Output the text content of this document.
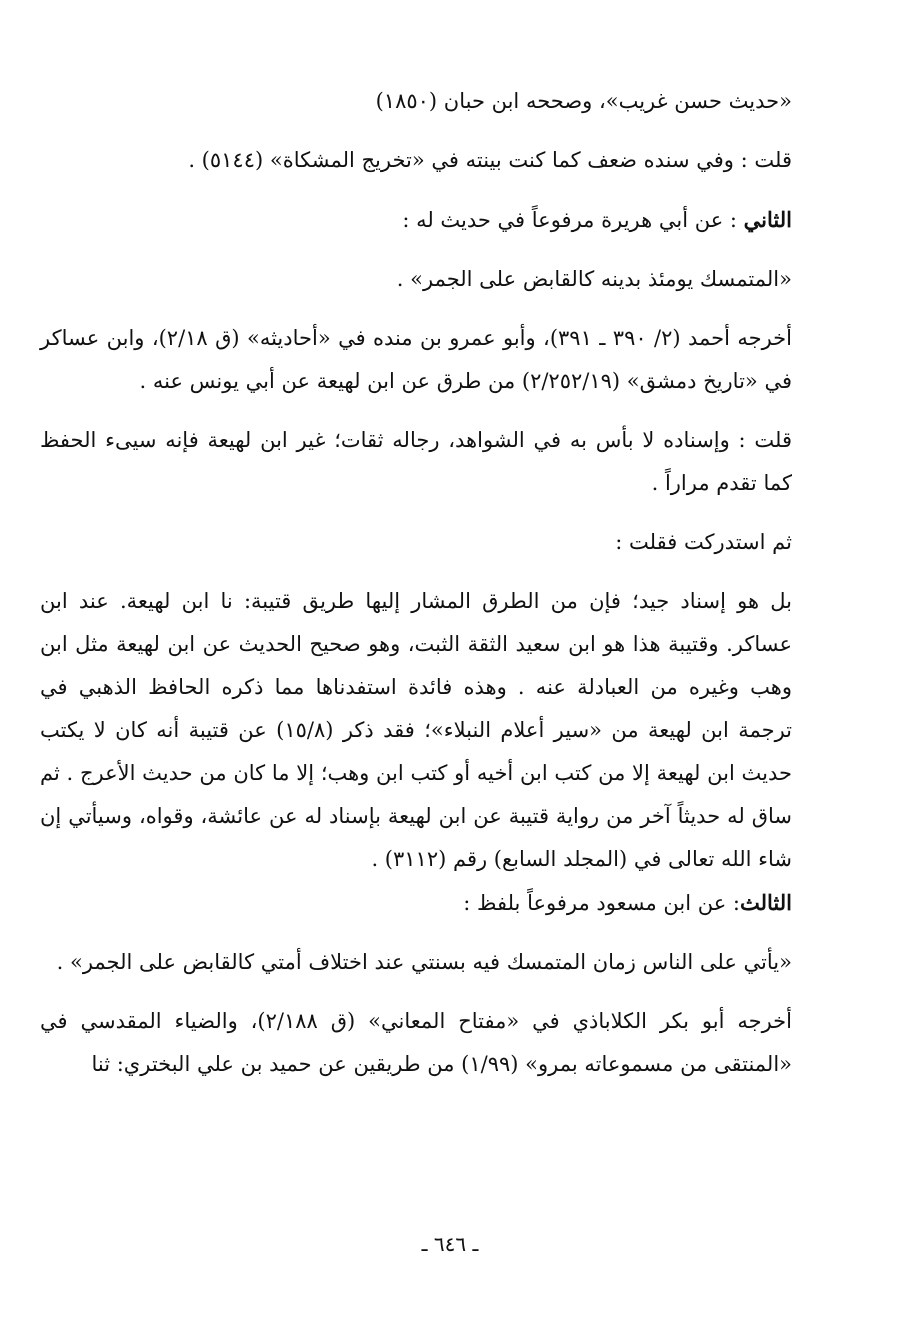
«حديث حسن غريب»، وصححه ابن حبان (١٨٥٠)

قلت : وفي سنده ضعف كما كنت بينته في «تخريج المشكاة» (٥١٤٤) .

الثاني : عن أبي هريرة مرفوعاً في حديث له :

«المتمسك يومئذ بدينه كالقابض على الجمر» .

أخرجه أحمد (٢/ ٣٩٠ ـ ٣٩١)، وأبو عمرو بن منده في «أحاديثه» (ق ٢/١٨)، وابن عساكر في «تاريخ دمشق» (٢/٢٥٢/١٩) من طرق عن ابن لهيعة عن أبي يونس عنه .

قلت : وإسناده لا بأس به في الشواهد، رجاله ثقات؛ غير ابن لهيعة فإنه سيىء الحفظ كما تقدم مراراً .

ثم استدركت فقلت :

بل هو إسناد جيد؛ فإن من الطرق المشار إليها طريق قتيبة: نا ابن لهيعة. عند ابن عساكر. وقتيبة هذا هو ابن سعيد الثقة الثبت، وهو صحيح الحديث عن ابن لهيعة مثل ابن وهب وغيره من العبادلة عنه . وهذه فائدة استفدناها مما ذكره الحافظ الذهبي في ترجمة ابن لهيعة من «سير أعلام النبلاء»؛ فقد ذكر (١٥/٨) عن قتيبة أنه كان لا يكتب حديث ابن لهيعة إلا من كتب ابن أخيه أو كتب ابن وهب؛ إلا ما كان من حديث الأعرج . ثم ساق له حديثاً آخر من رواية قتيبة عن ابن لهيعة بإسناد له عن عائشة، وقواه، وسيأتي إن شاء الله تعالى في (المجلد السابع) رقم (٣١١٢) .

الثالث: عن ابن مسعود مرفوعاً بلفظ :

«يأتي على الناس زمان المتمسك فيه بسنتي عند اختلاف أمتي كالقابض على الجمر» .

أخرجه أبو بكر الكلاباذي في «مفتاح المعاني» (ق ٢/١٨٨)، والضياء المقدسي في «المنتقى من مسموعاته بمرو» (١/٩٩) من طريقين عن حميد بن علي البختري: ثنا

ـ ٦٤٦ ـ
